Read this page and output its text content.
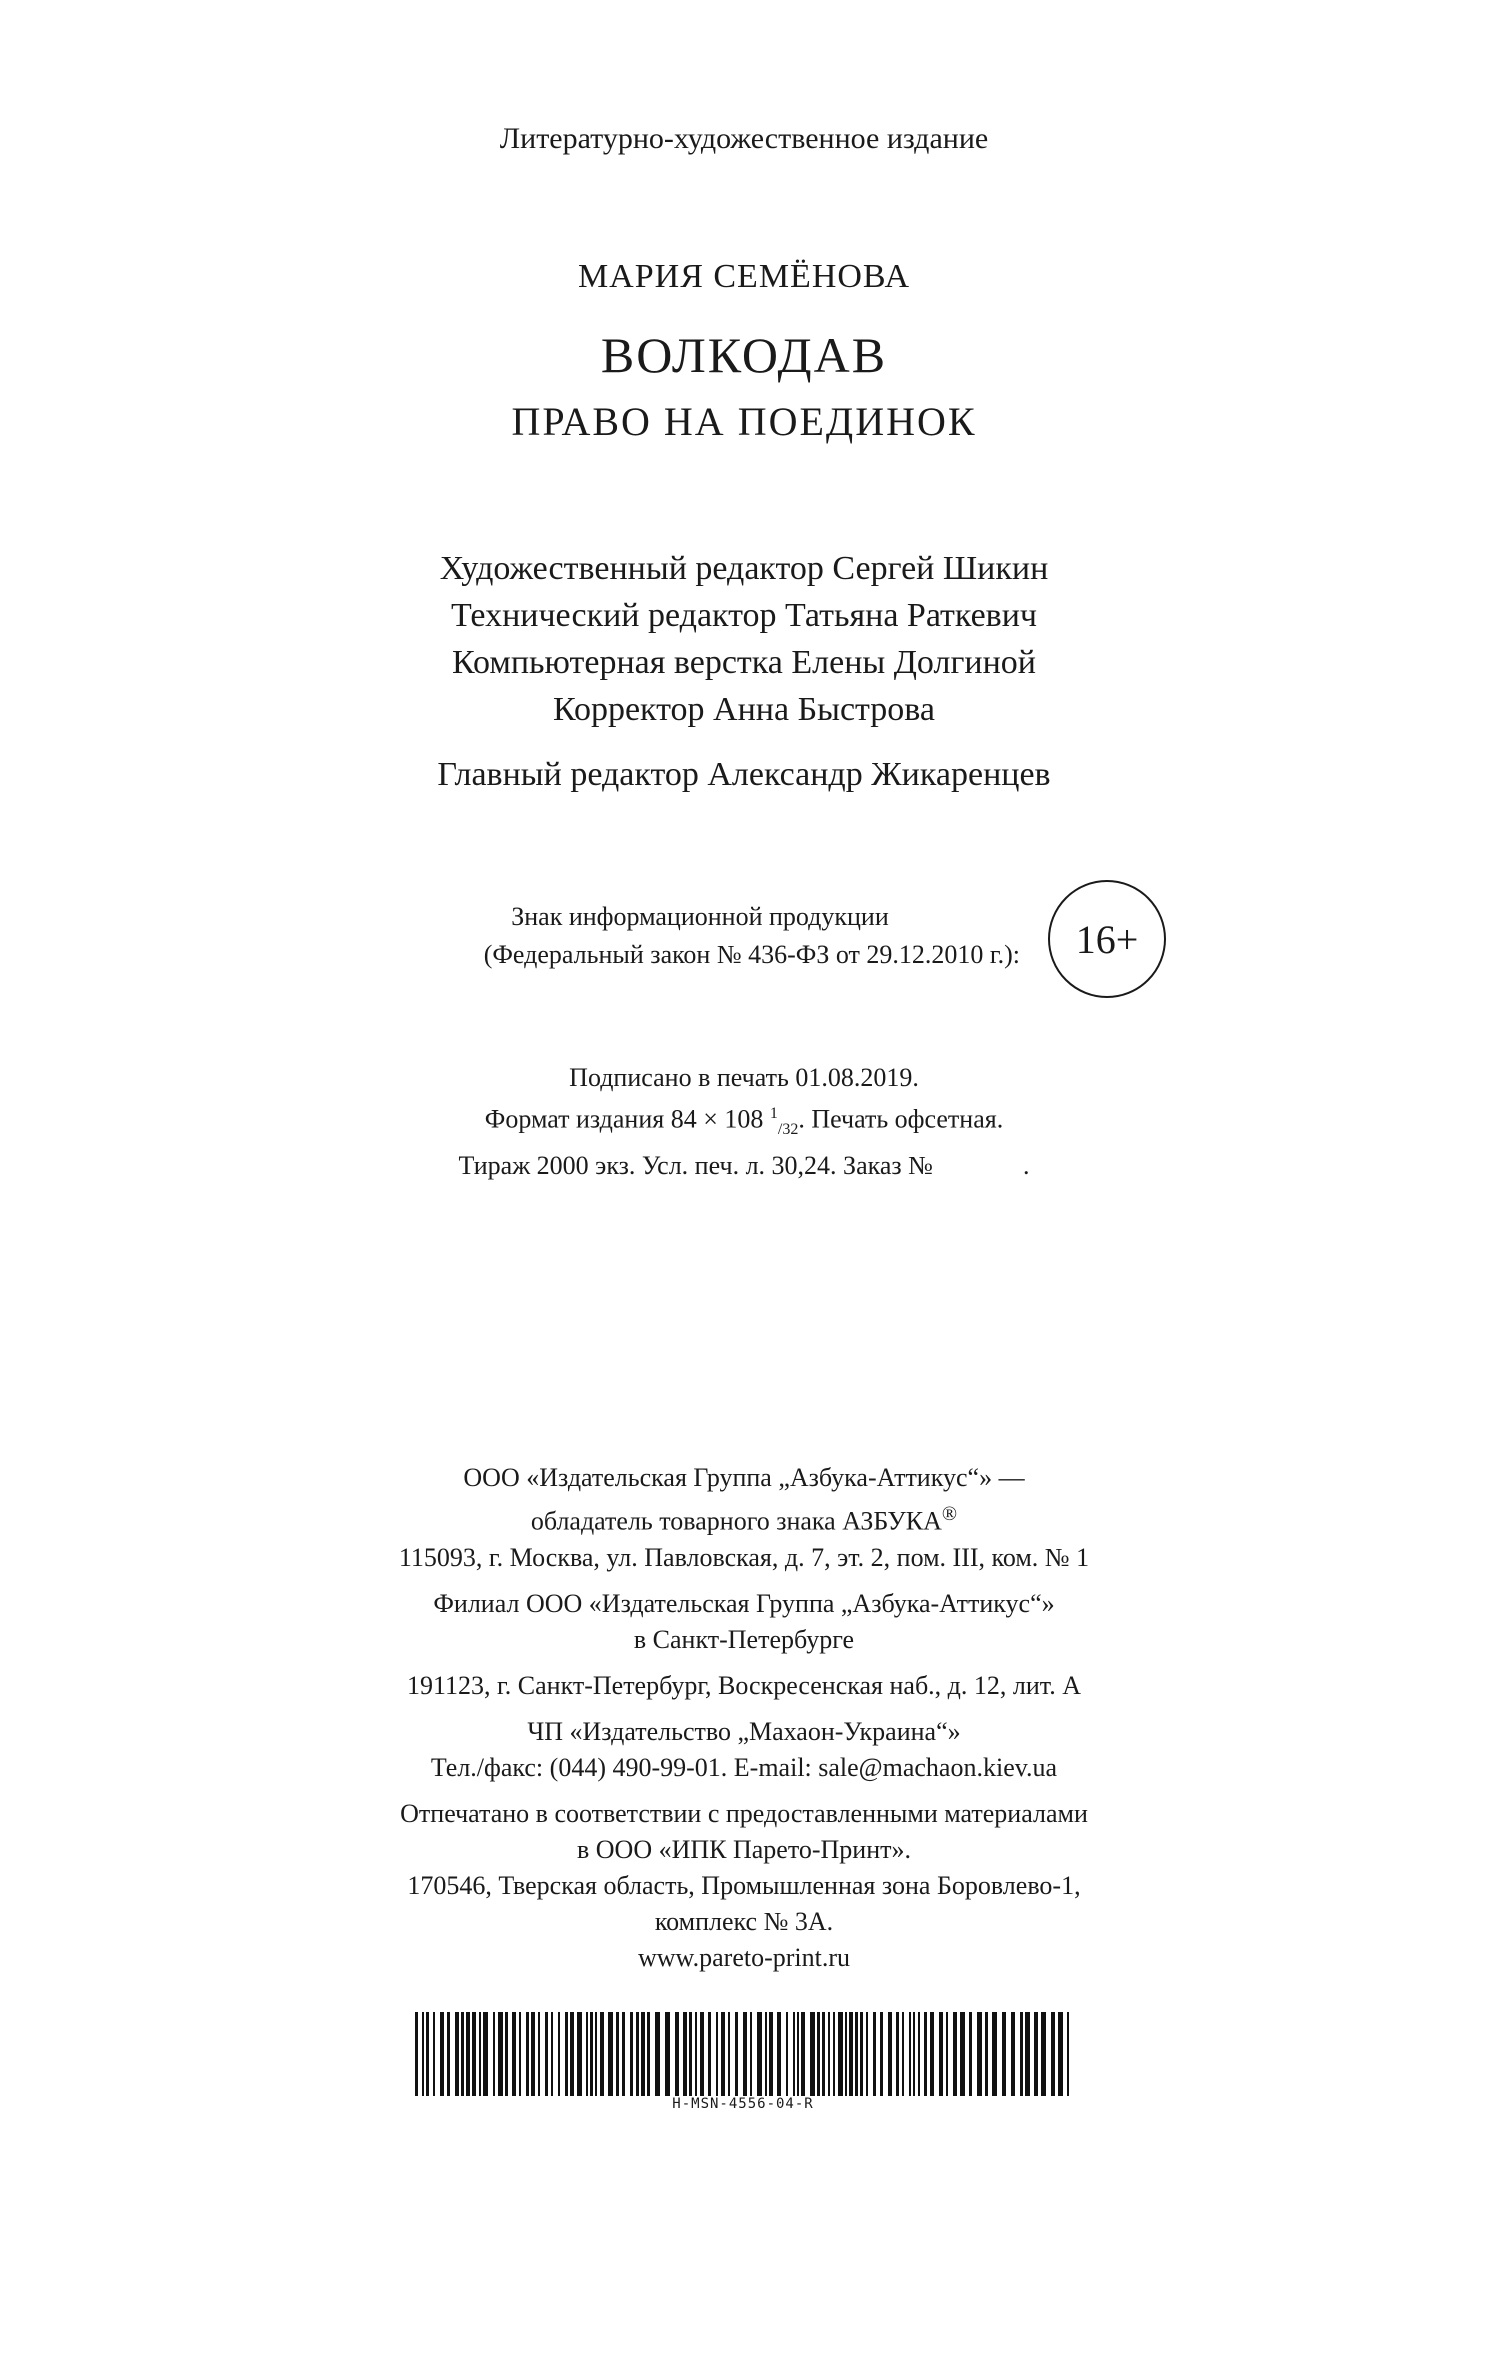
Литературно-художественное издание
МАРИЯ СЕМЁНОВА
ВОЛКОДАВ
ПРАВО НА ПОЕДИНОК
Художественный редактор Сергей Шикин
Технический редактор Татьяна Раткевич
Компьютерная верстка Елены Долгиной
Корректор Анна Быстрова
Главный редактор Александр Жикаренцев
Знак информационной продукции
(Федеральный закон № 436-ФЗ от 29.12.2010 г.): 16+
Подписано в печать 01.08.2019.
Формат издания 84 × 108 $^1_{/32}$. Печать офсетная.
Тираж 2000 экз. Усл. печ. л. 30,24. Заказ №	.
ООО «Издательская Группа „Азбука-Аттикус“» —
обладатель товарного знака АЗБУКА®
115093, г. Москва, ул. Павловская, д. 7, эт. 2, пом. III, ком. № 1
Филиал ООО «Издательская Группа „Азбука-Аттикус“»
в Санкт-Петербурге
191123, г. Санкт-Петербург, Воскресенская наб., д. 12, лит. А
ЧП «Издательство „Махаон-Украина“»
Тел./факс: (044) 490-99-01. E-mail: sale@machaon.kiev.ua
Отпечатано в соответствии с предоставленными материалами
в ООО «ИПК Парето-Принт».
170546, Тверская область, Промышленная зона Боровлево-1,
комплекс № 3А.
www.pareto-print.ru
H-MSN-4556-04-R
